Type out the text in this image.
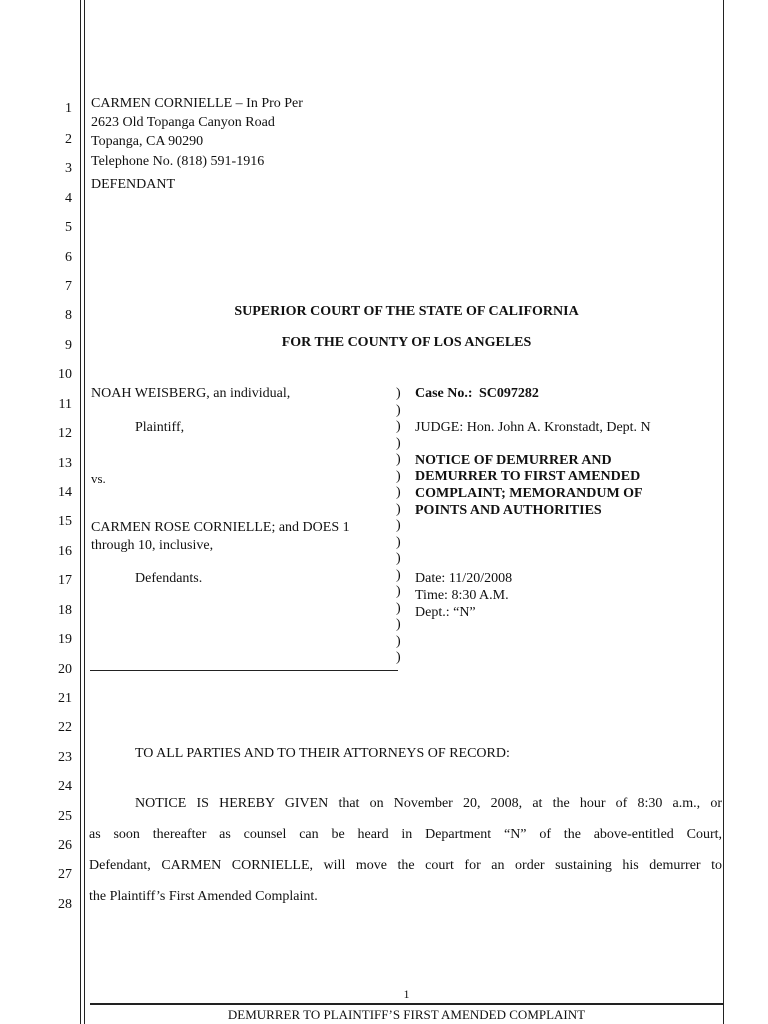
1
2
3
4
5
6
7
8
9
10
11
12
13
14
15
16
17
18
19
20
21
22
23
24
25
26
27
28
CARMEN CORNIELLE – In Pro Per
2623 Old Topanga Canyon Road
Topanga, CA 90290
Telephone No. (818) 591-1916
DEFENDANT
SUPERIOR COURT OF THE STATE OF CALIFORNIA
FOR THE COUNTY OF LOS ANGELES
NOAH WEISBERG, an individual,
Plaintiff,
vs.
CARMEN ROSE CORNIELLE; and DOES 1
through 10, inclusive,
Defendants.
)
)
)
)
)
)
)
)
)
)
)
)
)
)
)
)
)
Case No.: SC097282
JUDGE: Hon. John A. Kronstadt, Dept. N
NOTICE OF DEMURRER AND
DEMURRER TO FIRST AMENDED
COMPLAINT; MEMORANDUM OF
POINTS AND AUTHORITIES
Date: 11/20/2008
Time: 8:30 A.M.
Dept.: “N”
TO ALL PARTIES AND TO THEIR ATTORNEYS OF RECORD:
NOTICE IS HEREBY GIVEN that on November 20, 2008, at the hour of 8:30 a.m., or
as soon thereafter as counsel can be heard in Department “N” of the above-entitled Court,
Defendant, CARMEN CORNIELLE, will move the court for an order sustaining his demurrer to
the Plaintiff’s First Amended Complaint.
1
DEMURRER TO PLAINTIFF’S FIRST AMENDED COMPLAINT
